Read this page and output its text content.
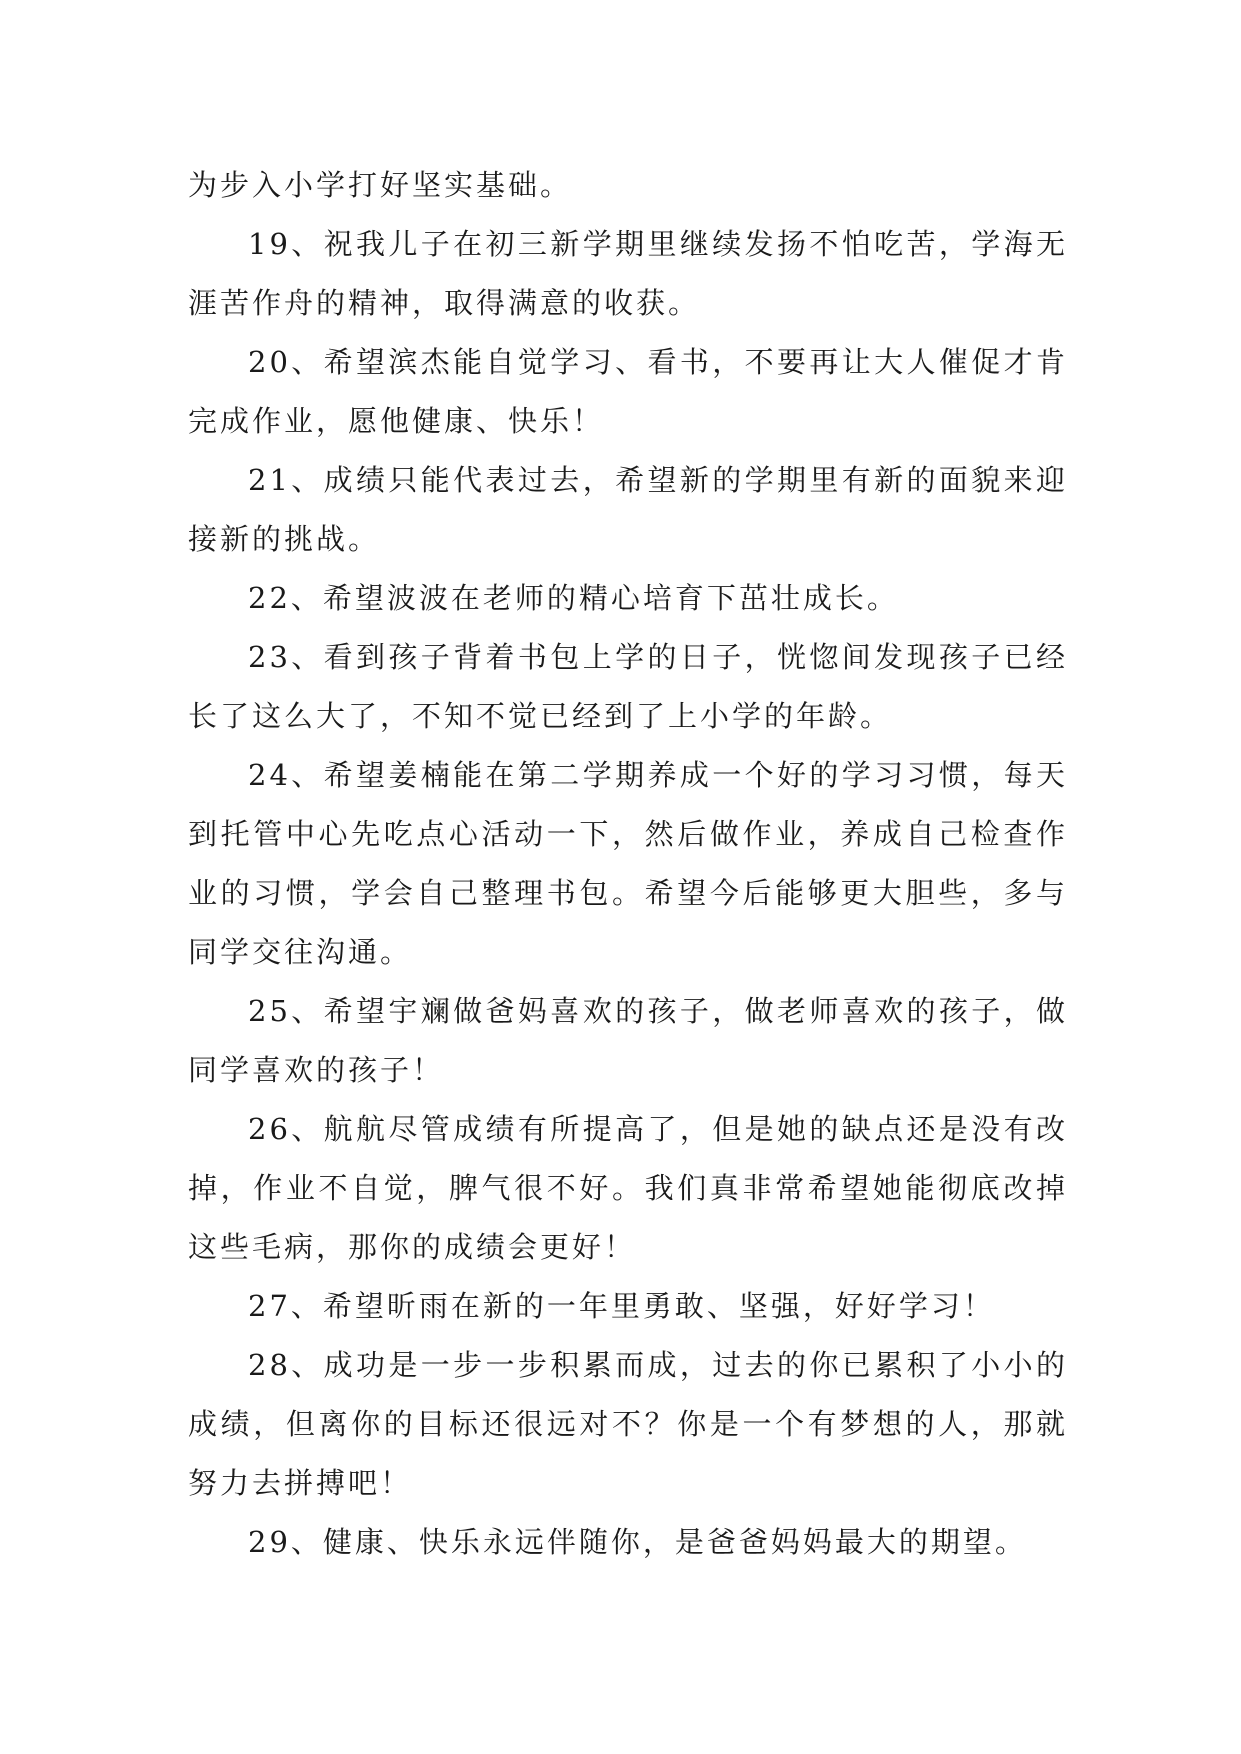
为步入小学打好坚实基础。

19、祝我儿子在初三新学期里继续发扬不怕吃苦，学海无涯苦作舟的精神，取得满意的收获。

20、希望滨杰能自觉学习、看书，不要再让大人催促才肯完成作业，愿他健康、快乐！

21、成绩只能代表过去，希望新的学期里有新的面貌来迎接新的挑战。

22、希望波波在老师的精心培育下茁壮成长。

23、看到孩子背着书包上学的日子，恍惚间发现孩子已经长了这么大了，不知不觉已经到了上小学的年龄。

24、希望姜楠能在第二学期养成一个好的学习习惯，每天到托管中心先吃点心活动一下，然后做作业，养成自己检查作业的习惯，学会自己整理书包。希望今后能够更大胆些，多与同学交往沟通。

25、希望宇斓做爸妈喜欢的孩子，做老师喜欢的孩子，做同学喜欢的孩子！

26、航航尽管成绩有所提高了，但是她的缺点还是没有改掉，作业不自觉，脾气很不好。我们真非常希望她能彻底改掉这些毛病，那你的成绩会更好！

27、希望昕雨在新的一年里勇敢、坚强，好好学习！

28、成功是一步一步积累而成，过去的你已累积了小小的成绩，但离你的目标还很远对不？你是一个有梦想的人，那就努力去拼搏吧！

29、健康、快乐永远伴随你，是爸爸妈妈最大的期望。
